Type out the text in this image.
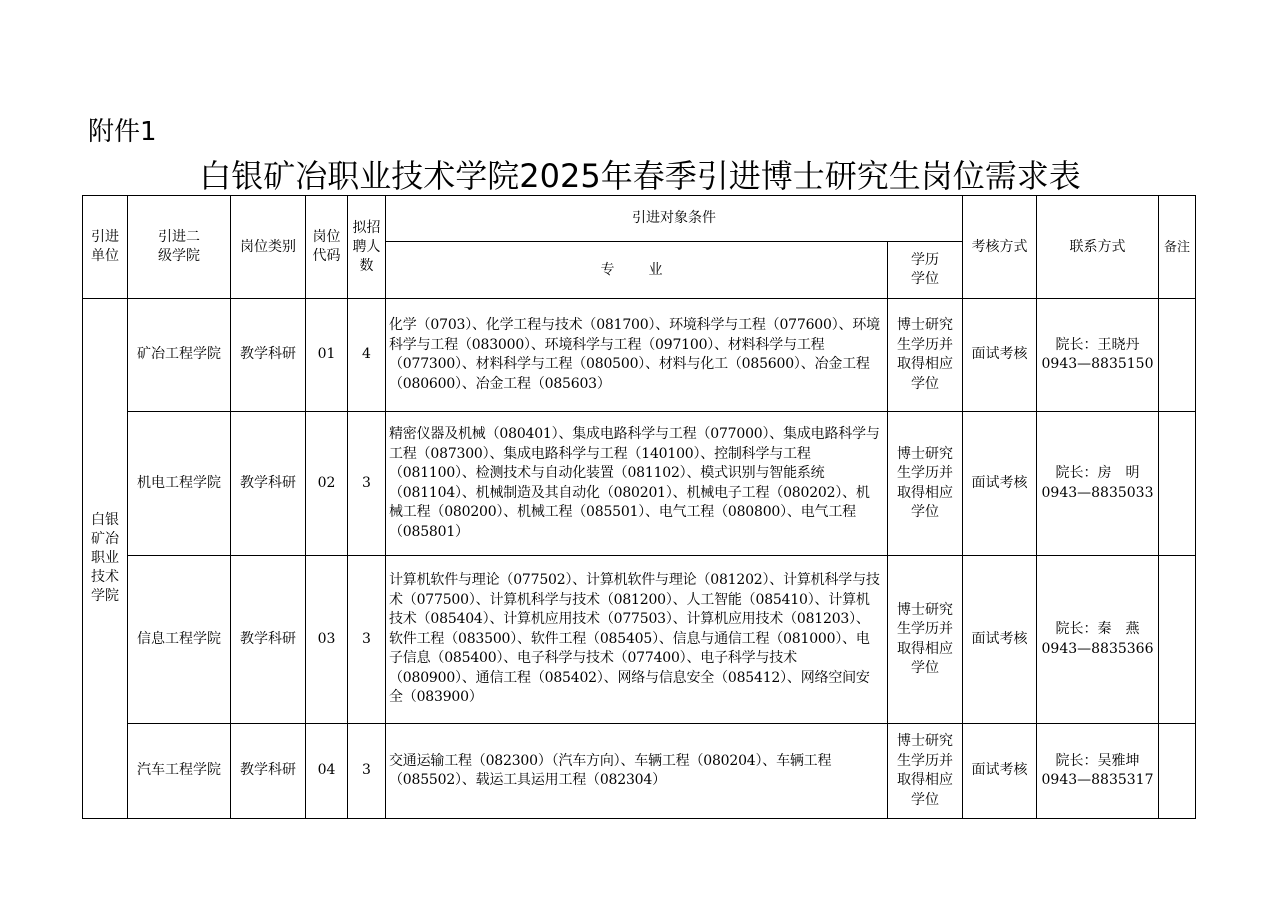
附件1
白银矿冶职业技术学院2025年春季引进博士研究生岗位需求表
引进单位	引进二级学院	岗位类别	岗位代码	拟招聘人数	引进对象条件		考核方式	联系方式	备注
					专　业	学历学位			
白银矿冶职业技术学院	矿冶工程学院	教学科研	01	4	化学（0703）、化学工程与技术（081700）、环境科学与工程（077600）、环境科学与工程（083000）、环境科学与工程（097100）、材料科学与工程（077300）、材料科学与工程（080500）、材料与化工（085600）、冶金工程（080600）、冶金工程（085603）	博士研究生学历并取得相应学位	面试考核	院长：王晓丹
0943—8835150	

	机电工程学院	教学科研	02	3	精密仪器及机械（080401）、集成电路科学与工程（077000）、集成电路科学与工程（087300）、集成电路科学与工程（140100）、控制科学与工程（081100）、检测技术与自动化装置（081102）、模式识别与智能系统（081104）、机械制造及其自动化（080201）、机械电子工程（080202）、机械工程（080200）、机械工程（085501）、电气工程（080800）、电气工程（085801）	博士研究生学历并取得相应学位	面试考核	院长：房　明
0943—8835033	

	信息工程学院	教学科研	03	3	计算机软件与理论（077502）、计算机软件与理论（081202）、计算机科学与技术（077500）、计算机科学与技术（081200）、人工智能（085410）、计算机技术（085404）、计算机应用技术（077503）、计算机应用技术（081203）、软件工程（083500）、软件工程（085405）、信息与通信工程（081000）、电子信息（085400）、电子科学与技术（077400）、电子科学与技术（080900）、通信工程（085402）、网络与信息安全（085412）、网络空间安全（083900）	博士研究生学历并取得相应学位	面试考核	院长：秦　燕
0943—8835366	

	汽车工程学院	教学科研	04	3	交通运输工程（082300）（汽车方向）、车辆工程（080204）、车辆工程（085502）、载运工具运用工程（082304）	博士研究生学历并取得相应学位	面试考核	院长：吴雅坤
0943—8835317	
